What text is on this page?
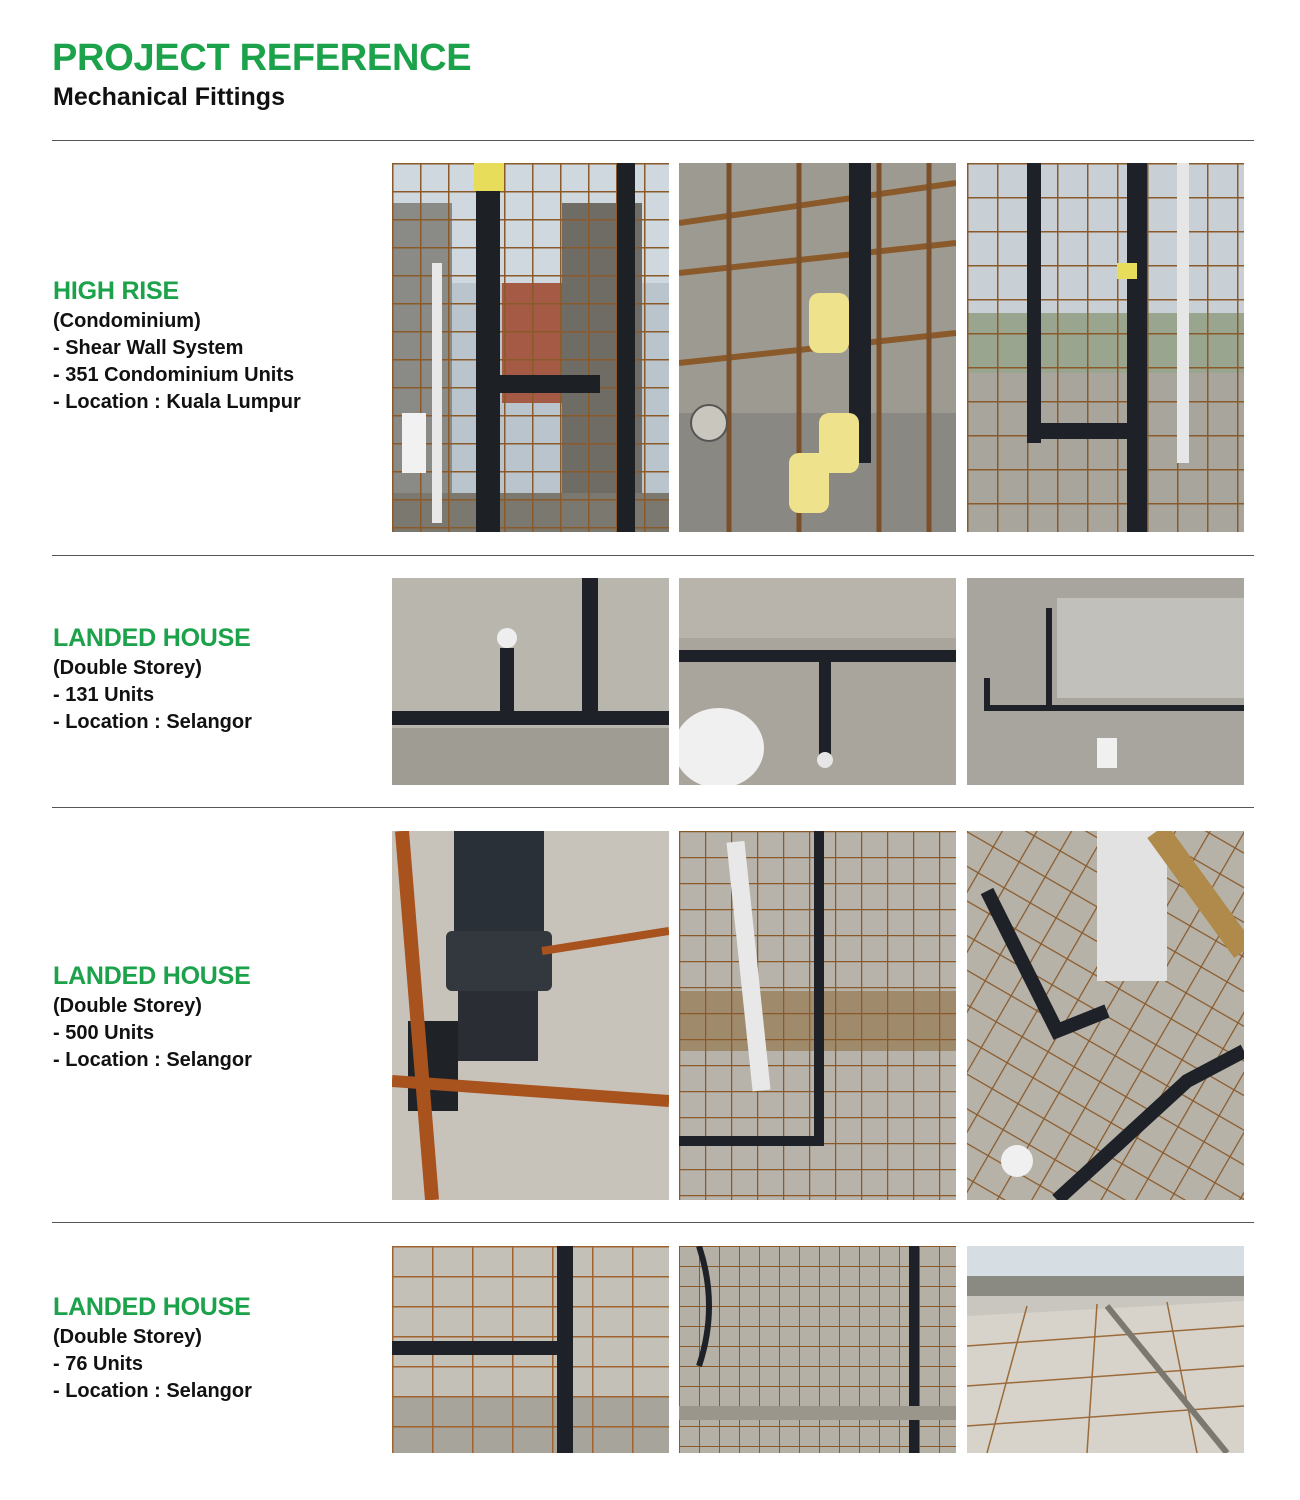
PROJECT REFERENCE
Mechanical Fittings

HIGH RISE

(Condominium)

- Shear Wall System

- 351 Condominium Units

- Location : Kuala Lumpur

LANDED HOUSE

(Double Storey)

- 131 Units

- Location : Selangor

LANDED HOUSE

(Double Storey)

- 500 Units

- Location : Selangor

LANDED HOUSE

(Double Storey)

- 76 Units

- Location : Selangor
